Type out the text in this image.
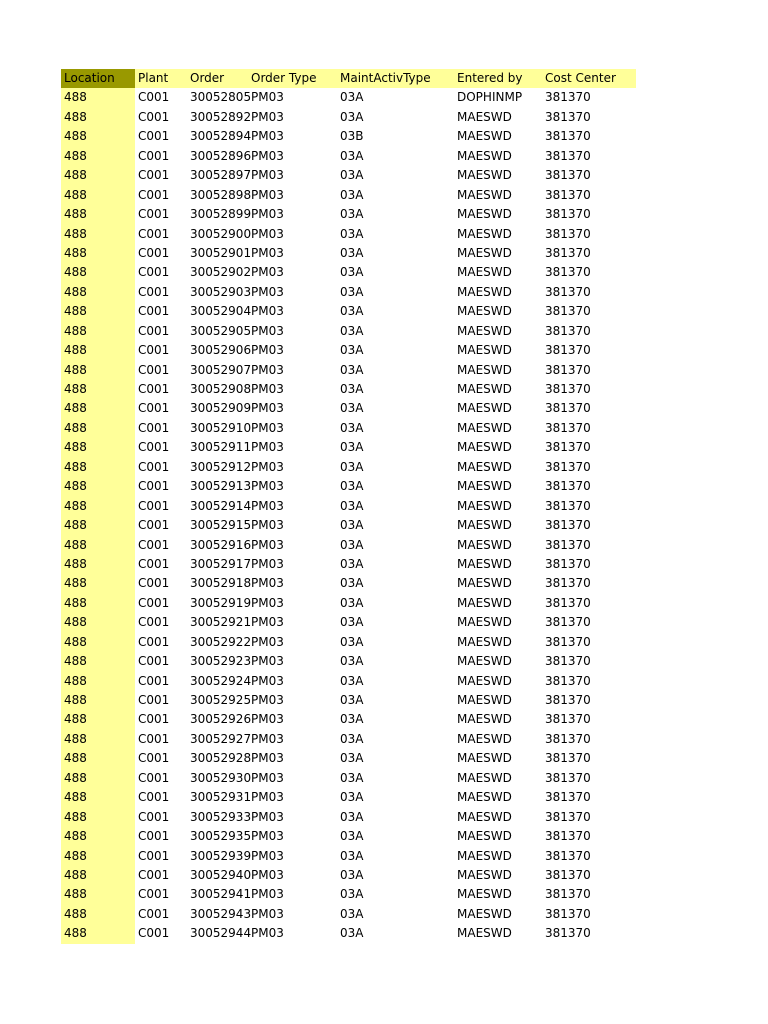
Location	Plant	Order	Order Type	MaintActivType	Entered by	Cost Center
488	C001	30052805 PM03	03A	DOPHINMP	381370
488	C001	30052892 PM03	03A	MAESWD	381370
488	C001	30052894 PM03	03B	MAESWD	381370
488	C001	30052896 PM03	03A	MAESWD	381370
488	C001	30052897 PM03	03A	MAESWD	381370
488	C001	30052898 PM03	03A	MAESWD	381370
488	C001	30052899 PM03	03A	MAESWD	381370
488	C001	30052900 PM03	03A	MAESWD	381370
488	C001	30052901 PM03	03A	MAESWD	381370
488	C001	30052902 PM03	03A	MAESWD	381370
488	C001	30052903 PM03	03A	MAESWD	381370
488	C001	30052904 PM03	03A	MAESWD	381370
488	C001	30052905 PM03	03A	MAESWD	381370
488	C001	30052906 PM03	03A	MAESWD	381370
488	C001	30052907 PM03	03A	MAESWD	381370
488	C001	30052908 PM03	03A	MAESWD	381370
488	C001	30052909 PM03	03A	MAESWD	381370
488	C001	30052910 PM03	03A	MAESWD	381370
488	C001	30052911 PM03	03A	MAESWD	381370
488	C001	30052912 PM03	03A	MAESWD	381370
488	C001	30052913 PM03	03A	MAESWD	381370
488	C001	30052914 PM03	03A	MAESWD	381370
488	C001	30052915 PM03	03A	MAESWD	381370
488	C001	30052916 PM03	03A	MAESWD	381370
488	C001	30052917 PM03	03A	MAESWD	381370
488	C001	30052918 PM03	03A	MAESWD	381370
488	C001	30052919 PM03	03A	MAESWD	381370
488	C001	30052921 PM03	03A	MAESWD	381370
488	C001	30052922 PM03	03A	MAESWD	381370
488	C001	30052923 PM03	03A	MAESWD	381370
488	C001	30052924 PM03	03A	MAESWD	381370
488	C001	30052925 PM03	03A	MAESWD	381370
488	C001	30052926 PM03	03A	MAESWD	381370
488	C001	30052927 PM03	03A	MAESWD	381370
488	C001	30052928 PM03	03A	MAESWD	381370
488	C001	30052930 PM03	03A	MAESWD	381370
488	C001	30052931 PM03	03A	MAESWD	381370
488	C001	30052933 PM03	03A	MAESWD	381370
488	C001	30052935 PM03	03A	MAESWD	381370
488	C001	30052939 PM03	03A	MAESWD	381370
488	C001	30052940 PM03	03A	MAESWD	381370
488	C001	30052941 PM03	03A	MAESWD	381370
488	C001	30052943 PM03	03A	MAESWD	381370
488	C001	30052944 PM03	03A	MAESWD	381370
